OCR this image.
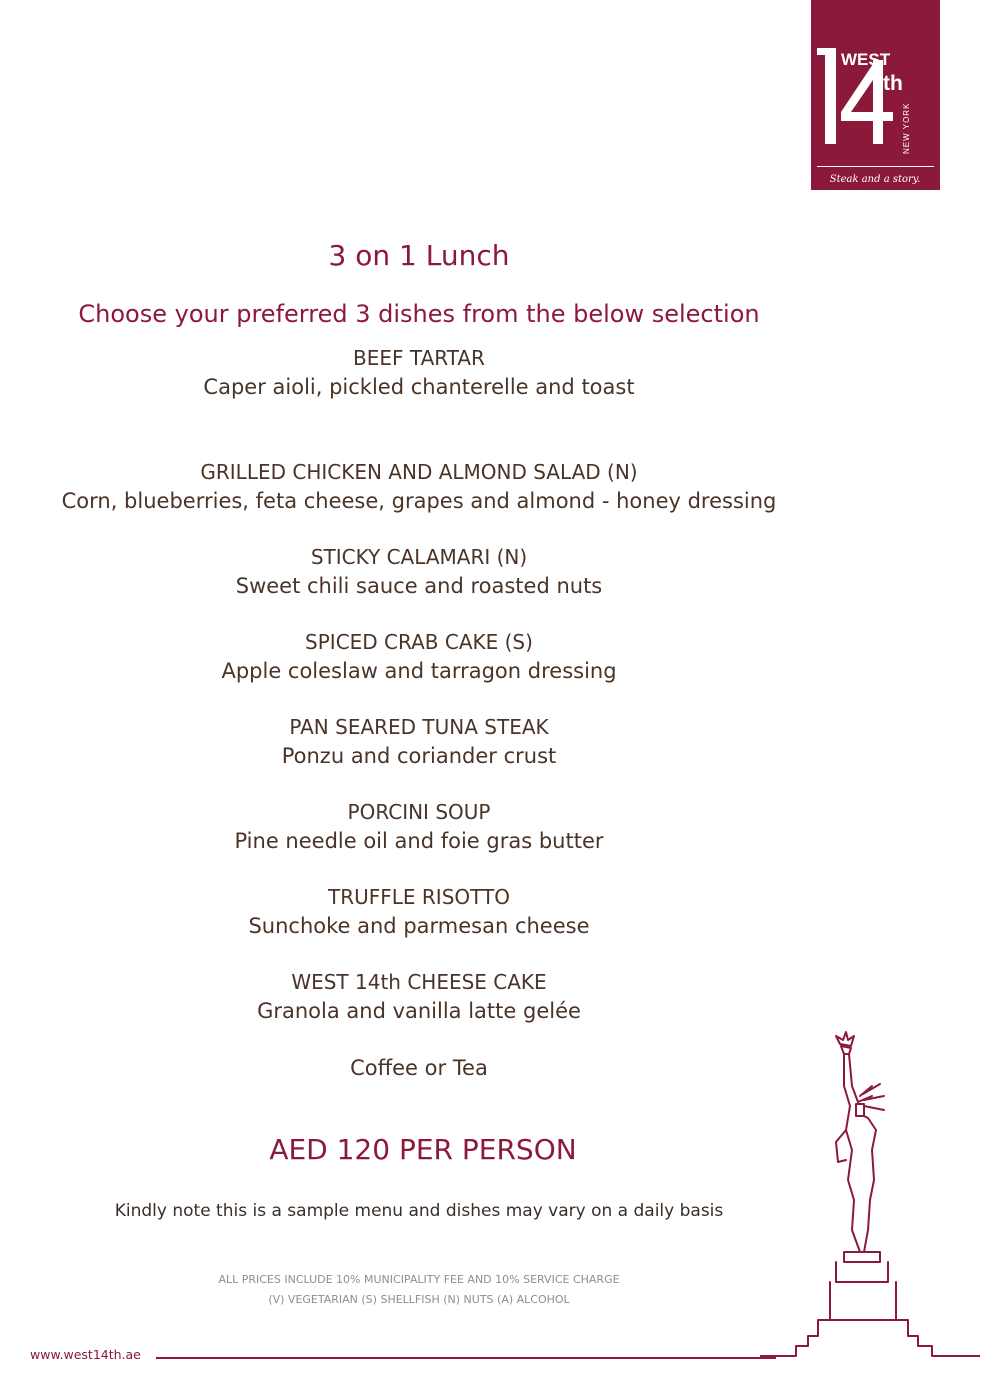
WEST
th
NEW YORK
Steak and a story.
3 on 1 Lunch
Choose your preferred 3 dishes from the below selection
BEEF TARTAR
Caper aioli, pickled chanterelle and toast
GRILLED CHICKEN AND ALMOND SALAD (N)
Corn, blueberries, feta cheese, grapes and almond - honey dressing
STICKY CALAMARI (N)
Sweet chili sauce and roasted nuts
SPICED CRAB CAKE (S)
Apple coleslaw and tarragon dressing
PAN SEARED TUNA STEAK
Ponzu and coriander crust
PORCINI SOUP
Pine needle oil and foie gras butter
TRUFFLE RISOTTO
Sunchoke and parmesan cheese
WEST 14th CHEESE CAKE
Granola and vanilla latte gelée
Coffee or Tea
AED 120 PER PERSON
Kindly note this is a sample menu and dishes may vary on a daily basis
ALL PRICES INCLUDE 10% MUNICIPALITY FEE AND 10% SERVICE CHARGE
(V) VEGETARIAN (S) SHELLFISH (N) NUTS (A) ALCOHOL
www.west14th.ae
